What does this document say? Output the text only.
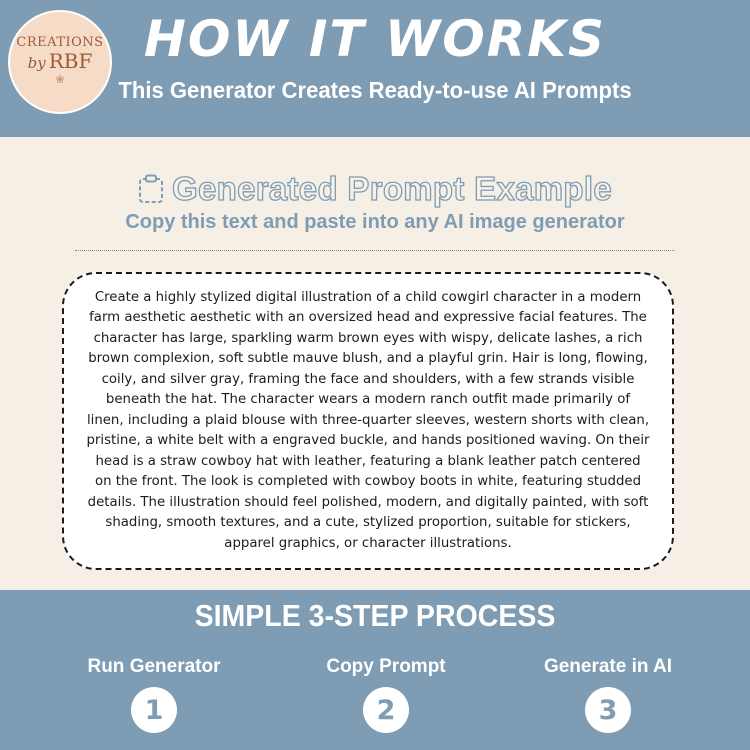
CREATIONS
by RBF
❀
HOW IT WORKS
This Generator Creates Ready-to-use AI Prompts
Generated Prompt Example
Copy this text and paste into any AI image generator

Create a highly stylized digital illustration of a child cowgirl character in a modern farm aesthetic aesthetic with an oversized head and expressive facial features. The character has large, sparkling warm brown eyes with wispy, delicate lashes, a rich brown complexion, soft subtle mauve blush, and a playful grin. Hair is long, flowing, coily, and silver gray, framing the face and shoulders, with a few strands visible beneath the hat. The character wears a modern ranch outfit made primarily of linen, including a plaid blouse with three-quarter sleeves, western shorts with clean, pristine, a white belt with a engraved buckle, and hands positioned waving. On their head is a straw cowboy hat with leather, featuring a blank leather patch centered on the front. The look is completed with cowboy boots in white, featuring studded details. The illustration should feel polished, modern, and digitally painted, with soft shading, smooth textures, and a cute, stylized proportion, suitable for stickers, apparel graphics, or character illustrations.

SIMPLE 3-STEP PROCESS
Run Generator
1
Copy Prompt
2
Generate in AI
3
